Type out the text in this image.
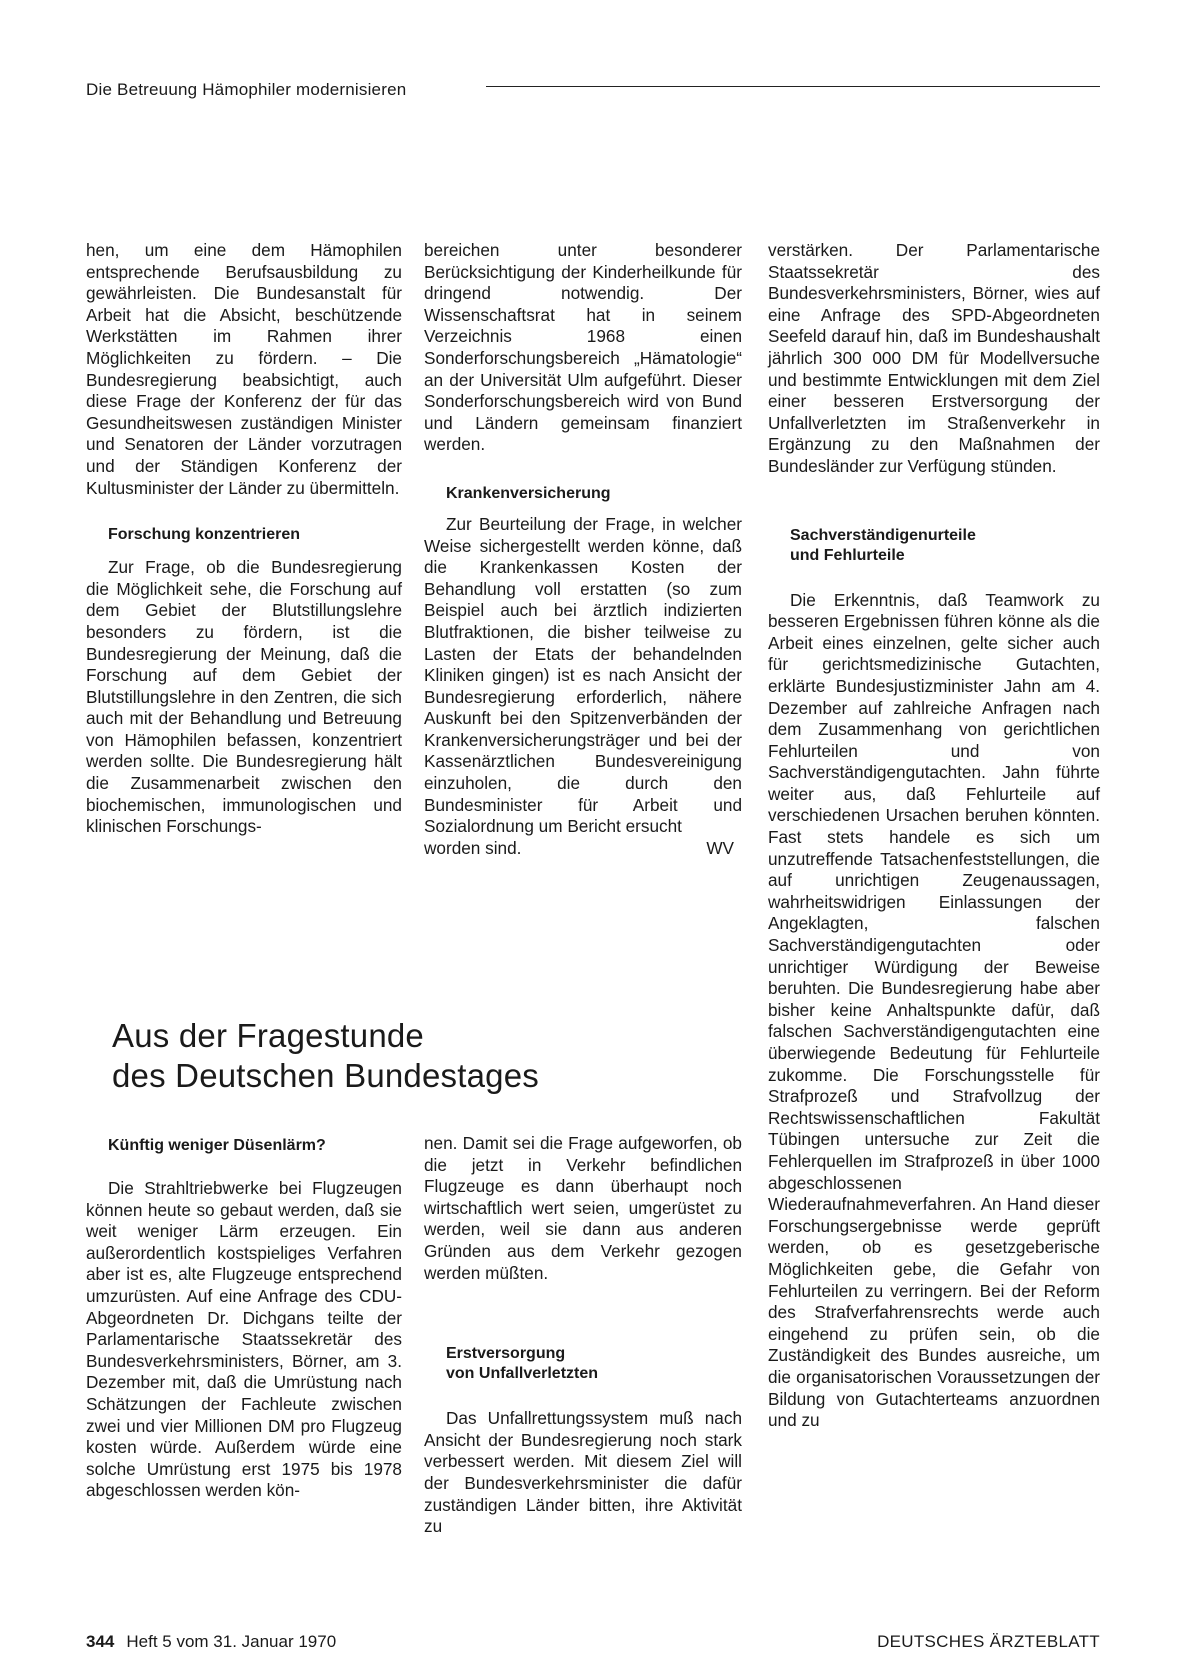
Die Betreuung Hämophiler modernisieren

hen, um eine dem Hämophilen entsprechende Berufsausbildung zu gewährleisten. Die Bundesanstalt für Arbeit hat die Absicht, beschützende Werkstätten im Rahmen ihrer Möglichkeiten zu fördern. – Die Bundesregierung beabsichtigt, auch diese Frage der Konferenz der für das Gesundheitswesen zuständigen Minister und Senatoren der Länder vorzutragen und der Ständigen Konferenz der Kultusminister der Länder zu übermitteln.

Forschung konzentrieren

Zur Frage, ob die Bundesregierung die Möglichkeit sehe, die Forschung auf dem Gebiet der Blutstillungslehre besonders zu fördern, ist die Bundesregierung der Meinung, daß die Forschung auf dem Gebiet der Blutstillungslehre in den Zentren, die sich auch mit der Behandlung und Betreuung von Hämophilen befassen, konzentriert werden sollte. Die Bundesregierung hält die Zusammenarbeit zwischen den biochemischen, immunologischen und klinischen Forschungs-

bereichen unter besonderer Berücksichtigung der Kinderheilkunde für dringend notwendig. Der Wissenschaftsrat hat in seinem Verzeichnis 1968 einen Sonderforschungsbereich „Hämatologie“ an der Universität Ulm aufgeführt. Dieser Sonderforschungsbereich wird von Bund und Ländern gemeinsam finanziert werden.

Krankenversicherung

Zur Beurteilung der Frage, in welcher Weise sichergestellt werden könne, daß die Krankenkassen Kosten der Behandlung voll erstatten (so zum Beispiel auch bei ärztlich indizierten Blutfraktionen, die bisher teilweise zu Lasten der Etats der behandelnden Kliniken gingen) ist es nach Ansicht der Bundesregierung erforderlich, nähere Auskunft bei den Spitzenverbänden der Krankenversicherungsträger und bei der Kassenärztlichen Bundesvereinigung einzuholen, die durch den Bundesminister für Arbeit und Sozialordnung um Bericht ersucht

worden sind.	WV
Aus der Fragestunde
des Deutschen Bundestages
Künftig weniger Düsenlärm?

Die Strahltriebwerke bei Flugzeugen können heute so gebaut werden, daß sie weit weniger Lärm erzeugen. Ein außerordentlich kostspieliges Verfahren aber ist es, alte Flugzeuge entsprechend umzurüsten. Auf eine Anfrage des CDU-Abgeordneten Dr. Dichgans teilte der Parlamentarische Staatssekretär des Bundesverkehrsministers, Börner, am 3. Dezember mit, daß die Umrüstung nach Schätzungen der Fachleute zwischen zwei und vier Millionen DM pro Flugzeug kosten würde. Außerdem würde eine solche Umrüstung erst 1975 bis 1978 abgeschlossen werden kön-

nen. Damit sei die Frage aufgeworfen, ob die jetzt in Verkehr befindlichen Flugzeuge es dann überhaupt noch wirtschaftlich wert seien, umgerüstet zu werden, weil sie dann aus anderen Gründen aus dem Verkehr gezogen werden müßten.

Erstversorgung
von Unfallverletzten

Das Unfallrettungssystem muß nach Ansicht der Bundesregierung noch stark verbessert werden. Mit diesem Ziel will der Bundesverkehrsminister die dafür zuständigen Länder bitten, ihre Aktivität zu

verstärken. Der Parlamentarische Staatssekretär des Bundesverkehrsministers, Börner, wies auf eine Anfrage des SPD-Abgeordneten Seefeld darauf hin, daß im Bundeshaushalt jährlich 300 000 DM für Modellversuche und bestimmte Entwicklungen mit dem Ziel einer besseren Erstversorgung der Unfallverletzten im Straßenverkehr in Ergänzung zu den Maßnahmen der Bundesländer zur Verfügung stünden.

Sachverständigenurteile
und Fehlurteile

Die Erkenntnis, daß Teamwork zu besseren Ergebnissen führen könne als die Arbeit eines einzelnen, gelte sicher auch für gerichtsmedizinische Gutachten, erklärte Bundesjustizminister Jahn am 4. Dezember auf zahlreiche Anfragen nach dem Zusammenhang von gerichtlichen Fehlurteilen und von Sachverständigengutachten. Jahn führte weiter aus, daß Fehlurteile auf verschiedenen Ursachen beruhen könnten. Fast stets handele es sich um unzutreffende Tatsachenfeststellungen, die auf unrichtigen Zeugenaussagen, wahrheitswidrigen Einlassungen der Angeklagten, falschen Sachverständigengutachten oder unrichtiger Würdigung der Beweise beruhten. Die Bundesregierung habe aber bisher keine Anhaltspunkte dafür, daß falschen Sachverständigengutachten eine überwiegende Bedeutung für Fehlurteile zukomme. Die Forschungsstelle für Strafprozeß und Strafvollzug der Rechtswissenschaftlichen Fakultät Tübingen untersuche zur Zeit die Fehlerquellen im Strafprozeß in über 1000 abgeschlossenen Wiederaufnahmeverfahren. An Hand dieser Forschungsergebnisse werde geprüft werden, ob es gesetzgeberische Möglichkeiten gebe, die Gefahr von Fehlurteilen zu verringern. Bei der Reform des Strafverfahrensrechts werde auch eingehend zu prüfen sein, ob die Zuständigkeit des Bundes ausreiche, um die organisatorischen Voraussetzungen der Bildung von Gutachterteams anzuordnen und zu

344 Heft 5 vom 31. Januar 1970	DEUTSCHES ÄRZTEBLATT
